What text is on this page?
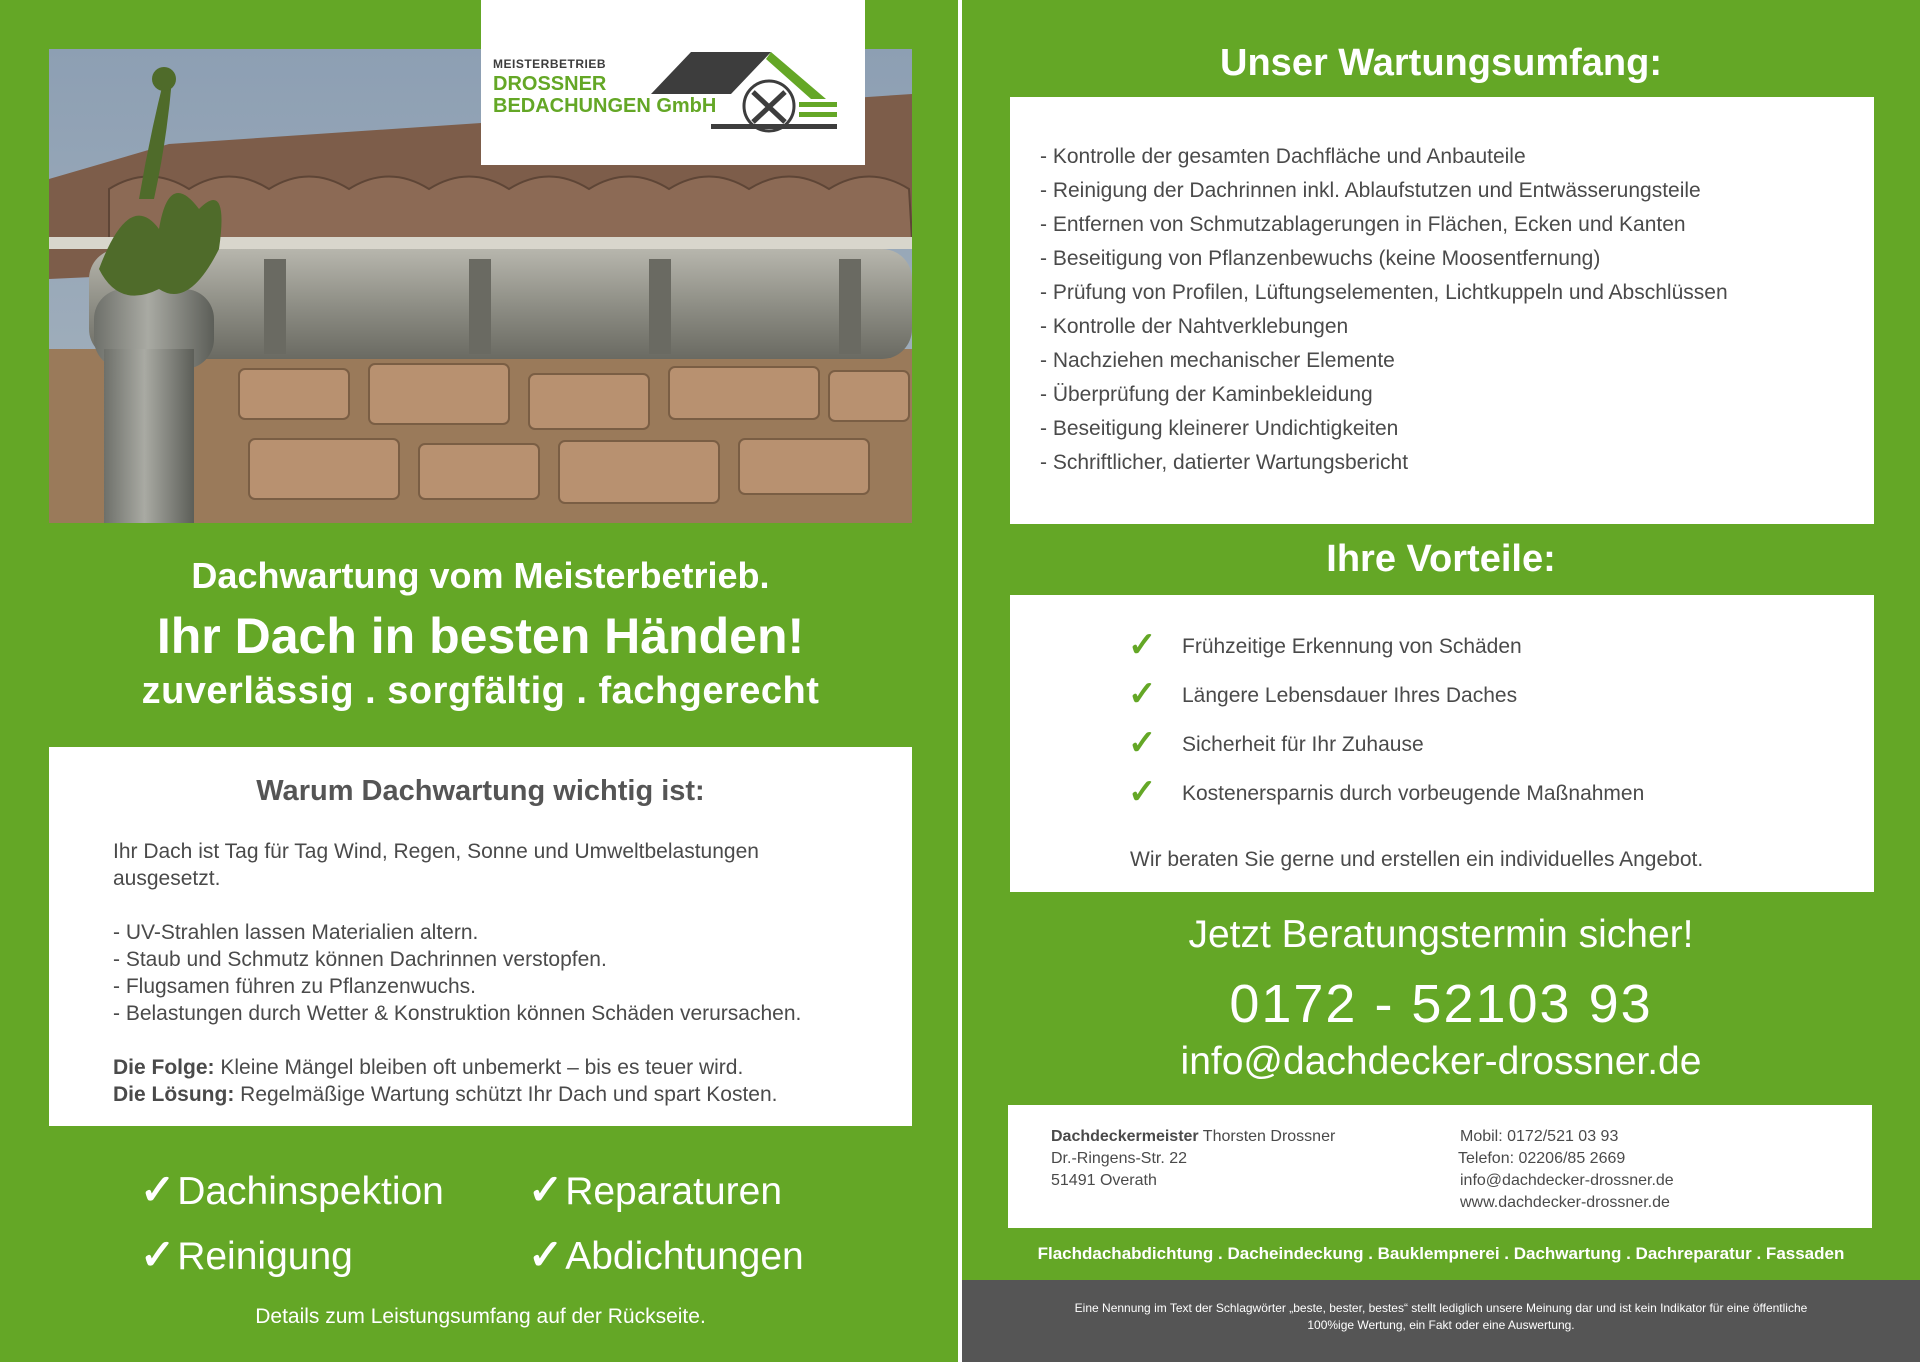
MEISTERBETRIEB
DROSSNER
BEDACHUNGEN GmbH
Dachwartung vom Meisterbetrieb.
Ihr Dach in besten Händen!
zuverlässig . sorgfältig . fachgerecht
Warum Dachwartung wichtig ist:
Ihr Dach ist Tag für Tag Wind, Regen, Sonne und Umweltbelastungen
ausgesetzt.
- UV-Strahlen lassen Materialien altern.
- Staub und Schmutz können Dachrinnen verstopfen.
- Flugsamen führen zu Pflanzenwuchs.
- Belastungen durch Wetter & Konstruktion können Schäden verursachen.
Die Folge: Kleine Mängel bleiben oft unbemerkt – bis es teuer wird.
Die Lösung: Regelmäßige Wartung schützt Ihr Dach und spart Kosten.
✓Dachinspektion ✓Reparaturen
✓Reinigung	✓Abdichtungen
Details zum Leistungsumfang auf der Rückseite.
Unser Wartungsumfang:
- Kontrolle der gesamten Dachfläche und Anbauteile
- Reinigung der Dachrinnen inkl. Ablaufstutzen und Entwässerungsteile
- Entfernen von Schmutzablagerungen in Flächen, Ecken und Kanten
- Beseitigung von Pflanzenbewuchs (keine Moosentfernung)
- Prüfung von Profilen, Lüftungselementen, Lichtkuppeln und Abschlüssen
- Kontrolle der Nahtverklebungen
- Nachziehen mechanischer Elemente
- Überprüfung der Kaminbekleidung
- Beseitigung kleinerer Undichtigkeiten
- Schriftlicher, datierter Wartungsbericht
Ihre Vorteile:
✓ Frühzeitige Erkennung von Schäden
✓ Längere Lebensdauer Ihres Daches
✓ Sicherheit für Ihr Zuhause
✓ Kostenersparnis durch vorbeugende Maßnahmen
Wir beraten Sie gerne und erstellen ein individuelles Angebot.
Jetzt Beratungstermin sicher!
0172 - 52103 93
info@dachdecker-drossner.de
Dachdeckermeister Thorsten Drossner
Dr.-Ringens-Str. 22
51491 Overath
Mobil: 0172/521 03 93
Telefon: 02206/85 2669
info@dachdecker-drossner.de
www.dachdecker-drossner.de
Flachdachabdichtung . Dacheindeckung . Bauklempnerei . Dachwartung . Dachreparatur . Fassaden
Eine Nennung im Text der Schlagwörter „beste, bester, bestes“ stellt lediglich unsere Meinung dar und ist kein Indikator für eine öffentliche
100%ige Wertung, ein Fakt oder eine Auswertung.
